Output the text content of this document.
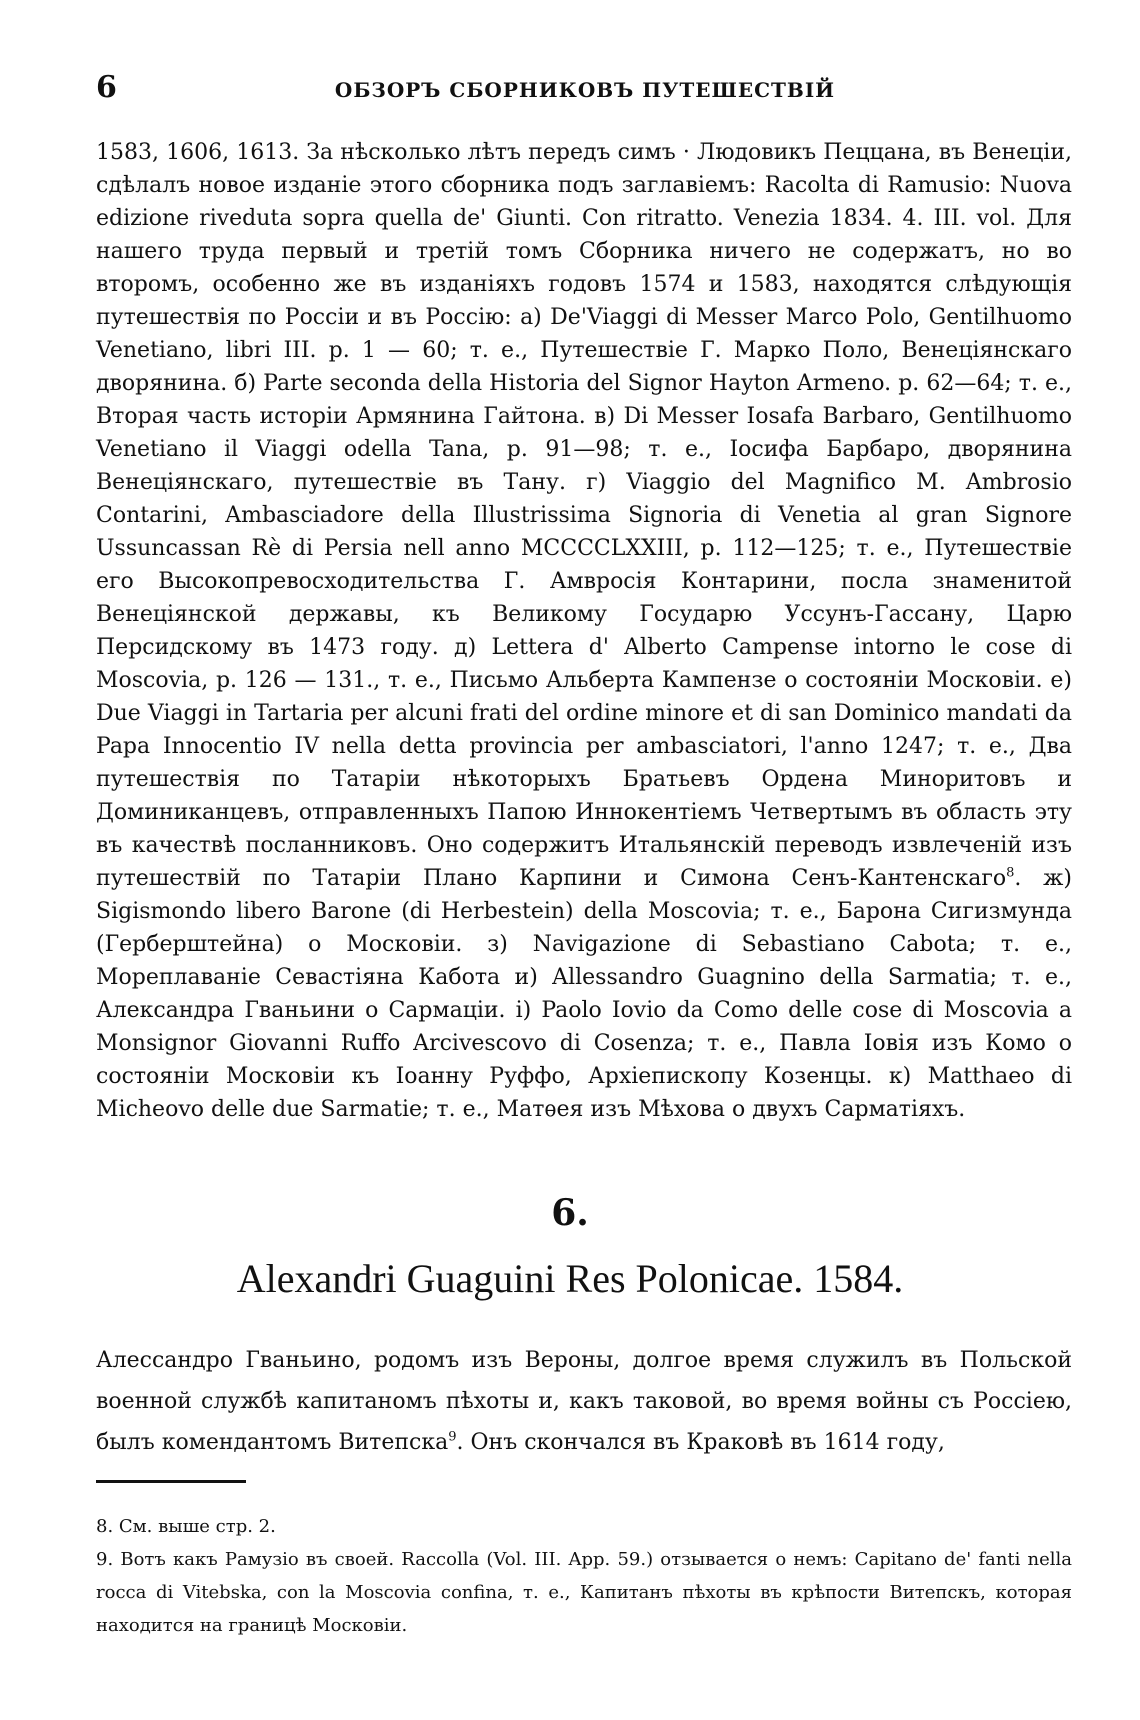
6	ОБЗОРЪ СБОРНИКОВЪ ПУТЕШЕСТВІЙ

1583, 1606, 1613. За нѣсколько лѣтъ передъ симъ · Людовикъ Пеццана, въ Венеціи, сдѣлалъ новое изданіе этого сборника подъ заглавіемъ: Racolta di Ramusio: Nuova edizione riveduta sopra quella de' Giunti. Con ritratto. Venezia 1834. 4. III. vol. Для нашего труда первый и третій томъ Сборника ничего не содержатъ, но во второмъ, особенно же въ изданіяхъ годовъ 1574 и 1583, находятся слѣдующія путешествія по Россіи и въ Россію: а) De'Viaggi di Messer Marco Polo, Gentilhuomo Venetiano, libri III. p. 1 — 60; т. е., Путешествіе Г. Марко Поло, Венеціянскаго дворянина. б) Parte seconda della Historia del Signor Hayton Armeno. p. 62—64; т. е., Вторая часть исторіи Армянина Гайтона. в) Di Messer Iosafa Barbaro, Gentilhuomo Venetiano il Viaggi odella Tana, p. 91—98; т. е., Іосифа Барбаро, дворянина Венеціянскаго, путешествіе въ Тану. г) Viaggio del Magnifico M. Ambrosio Contarini, Ambasciadore della Illustrissima Signoria di Venetia al gran Signore Ussuncassan Rè di Persia nell anno MCCCCLXXIII, p. 112—125; т. е., Путешествіе его Высокопревосходительства Г. Амвросія Контарини, посла знаменитой Венеціянской державы, къ Великому Государю Уссунъ-Гассану, Царю Персидскому въ 1473 году. д) Lettera d' Alberto Campense intorno le cose di Moscovia, p. 126 — 131., т. е., Письмо Альберта Кампензе о состояніи Московіи. е) Due Viaggi in Tartaria per alcuni frati del ordine minore et di san Dominico mandati da Papa Innocentio IV nella detta provincia per ambasciatori, l'anno 1247; т. е., Два путешествія по Татаріи нѣкоторыхъ Братьевъ Ордена Миноритовъ и Доминиканцевъ, отправленныхъ Папою Иннокентіемъ Четвертымъ въ область эту въ качествѣ посланниковъ. Оно содержитъ Итальянскій переводъ извлеченій изъ путешествій по Татаріи Плано Карпини и Симона Сенъ-Кантенскаго$^8$. ж) Sigismondo libero Barone (di Herbestein) della Moscovia; т. е., Барона Сигизмунда (Герберштейна) о Московіи. з) Navigazione di Sebastiano Cabota; т. е., Мореплаваніе Севастіяна Кабота и) Allessandro Guagnino della Sarmatia; т. е., Александра Гваньини о Сармаціи. і) Paolo Iovio da Como delle cose di Moscovia a Monsignor Giovanni Ruffo Arcivescovo di Cosenza; т. е., Павла Іовія изъ Комо о состояніи Московіи къ Іоанну Руффо, Архіепископу Козенцы. к) Matthaeo di Micheovo delle due Sarmatie; т. е., Матѳея изъ Мѣхова о двухъ Сарматіяхъ.

6.
Alexandri Guaguini Res Polonicae. 1584.

Алессандро Гваньино, родомъ изъ Вероны, долгое время служилъ въ Польской военной службѣ капитаномъ пѣхоты и, какъ таковой, во время войны съ Россіею, былъ комендантомъ Витепска$^9$. Онъ скончался въ Краковѣ въ 1614 году,

8. См. выше стр. 2.

9. Вотъ какъ Рамузіо въ своей. Raccolla (Vol. III. App. 59.) отзывается о немъ: Capitano de' fanti nella rocca di Vitebska, con la Moscovia confina, т. е., Капитанъ пѣхоты въ крѣпости Витепскъ, которая находится на границѣ Московіи.
